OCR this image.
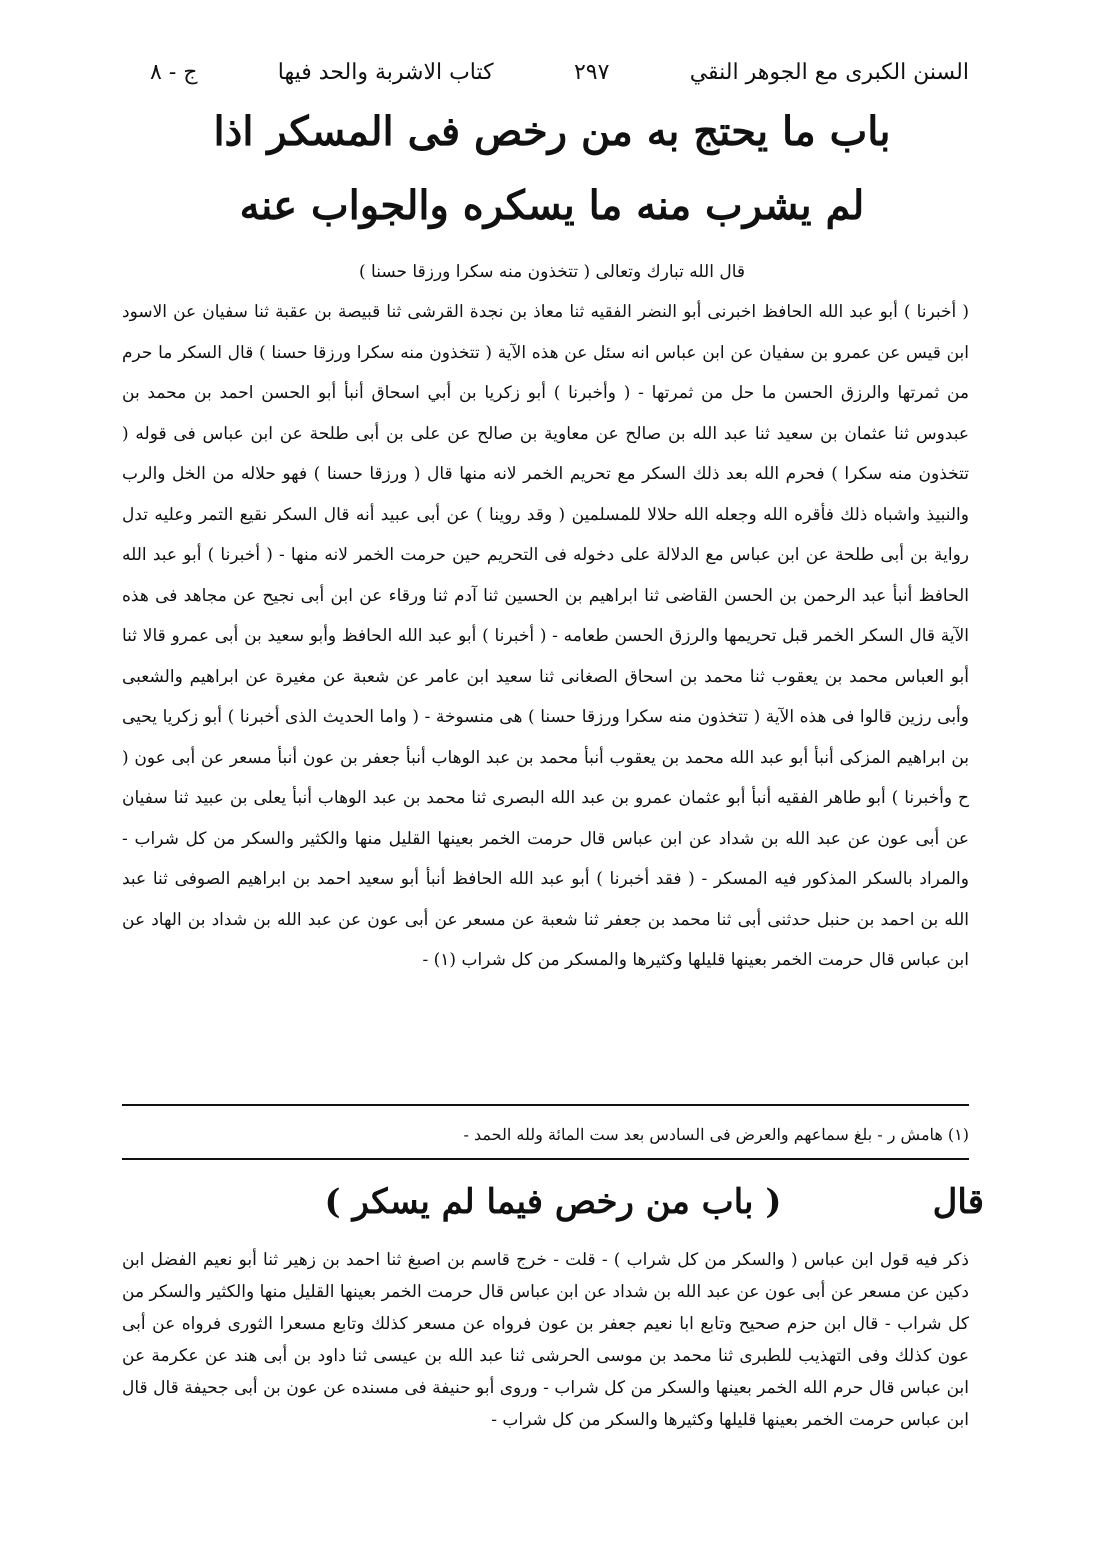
السنن الكبرى مع الجوهر النقي
٢٩٧
كتاب الاشربة والحد فيها
ج - ٨
باب ما يحتج به من رخص فى المسكر اذا
لم يشرب منه ما يسكره والجواب عنه
قال الله تبارك وتعالى ( تتخذون منه سكرا ورزقا حسنا )
( أخبرنا ) أبو عبد الله الحافظ اخبرنى أبو النضر الفقيه ثنا معاذ بن نجدة القرشى ثنا قبيصة بن عقبة ثنا سفيان عن الاسود ابن قيس عن عمرو بن سفيان عن ابن عباس انه سئل عن هذه الآية ( تتخذون منه سكرا ورزقا حسنا ) قال السكر ما حرم من ثمرتها والرزق الحسن ما حل من ثمرتها - ( وأخبرنا ) أبو زكريا بن أبي اسحاق أنبأ أبو الحسن احمد بن محمد بن عبدوس ثنا عثمان بن سعيد ثنا عبد الله بن صالح عن معاوية بن صالح عن على بن أبى طلحة عن ابن عباس فى قوله ( تتخذون منه سكرا ) فحرم الله بعد ذلك السكر مع تحريم الخمر لانه منها قال ( ورزقا حسنا ) فهو حلاله من الخل والرب والنبيذ واشباه ذلك فأقره الله وجعله الله حلالا للمسلمين ( وقد روينا ) عن أبى عبيد أنه قال السكر نقيع التمر وعليه تدل رواية بن أبى طلحة عن ابن عباس مع الدلالة على دخوله فى التحريم حين حرمت الخمر لانه منها - ( أخبرنا ) أبو عبد الله الحافظ أنبأ عبد الرحمن بن الحسن القاضى ثنا ابراهيم بن الحسين ثنا آدم ثنا ورقاء عن ابن أبى نجيح عن مجاهد فى هذه الآية قال السكر الخمر قبل تحريمها والرزق الحسن طعامه - ( أخبرنا ) أبو عبد الله الحافظ وأبو سعيد بن أبى عمرو قالا ثنا أبو العباس محمد بن يعقوب ثنا محمد بن اسحاق الصغانى ثنا سعيد ابن عامر عن شعبة عن مغيرة عن ابراهيم والشعبى وأبى رزين قالوا فى هذه الآية ( تتخذون منه سكرا ورزقا حسنا ) هى منسوخة - ( واما الحديث الذى أخبرنا ) أبو زكريا يحيى بن ابراهيم المزكى أنبأ أبو عبد الله محمد بن يعقوب أنبأ محمد بن عبد الوهاب أنبأ جعفر بن عون أنبأ مسعر عن أبى عون ( ح وأخبرنا ) أبو طاهر الفقيه أنبأ أبو عثمان عمرو بن عبد الله البصرى ثنا محمد بن عبد الوهاب أنبأ يعلى بن عبيد ثنا سفيان عن أبى عون عن عبد الله بن شداد عن ابن عباس قال حرمت الخمر بعينها القليل منها والكثير والسكر من كل شراب - والمراد بالسكر المذكور فيه المسكر - ( فقد أخبرنا ) أبو عبد الله الحافظ أنبأ أبو سعيد احمد بن ابراهيم الصوفى ثنا عبد الله بن احمد بن حنبل حدثنى أبى ثنا محمد بن جعفر ثنا شعبة عن مسعر عن أبى عون عن عبد الله بن شداد بن الهاد عن ابن عباس قال حرمت الخمر بعينها قليلها وكثيرها والمسكر من كل شراب (١) -
(١) هامش ر - بلغ سماعهم والعرض فى السادس بعد ست المائة ولله الحمد -
قال
( باب من رخص فيما لم يسكر )
ذكر فيه قول ابن عباس ( والسكر من كل شراب ) - قلت - خرج قاسم بن اصبغ ثنا احمد بن زهير ثنا أبو نعيم الفضل ابن دكين عن مسعر عن أبى عون عن عبد الله بن شداد عن ابن عباس قال حرمت الخمر بعينها القليل منها والكثير والسكر من كل شراب - قال ابن حزم صحيح وتابع ابا نعيم جعفر بن عون فرواه عن مسعر كذلك وتابع مسعرا الثورى فرواه عن أبى عون كذلك وفى التهذيب للطبرى ثنا محمد بن موسى الحرشى ثنا عبد الله بن عيسى ثنا داود بن أبى هند عن عكرمة عن ابن عباس قال حرم الله الخمر بعينها والسكر من كل شراب - وروى أبو حنيفة فى مسنده عن عون بن أبى جحيفة قال قال ابن عباس حرمت الخمر بعينها قليلها وكثيرها والسكر من كل شراب -
